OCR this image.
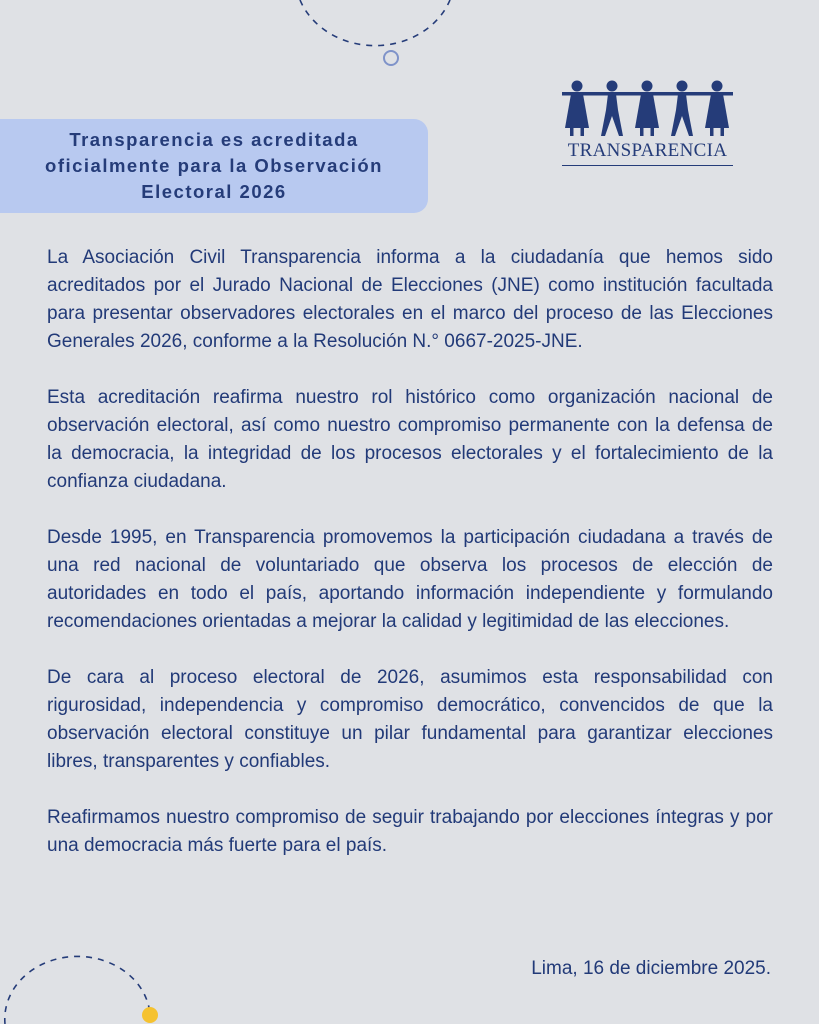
Transparencia es acreditada
oficialmente para la Observación
Electoral 2026
TRANSPARENCIA

La Asociación Civil Transparencia informa a la ciudadanía que hemos sido acreditados por el Jurado Nacional de Elecciones (JNE) como institución facultada para presentar observadores electorales en el marco del proceso de las Elecciones Generales 2026, conforme a la Resolución N.° 0667-2025-JNE.

Esta acreditación reafirma nuestro rol histórico como organización nacional de observación electoral, así como nuestro compromiso permanente con la defensa de la democracia, la integridad de los procesos electorales y el fortalecimiento de la confianza ciudadana.

Desde 1995, en Transparencia promovemos la participación ciudadana a través de una red nacional de voluntariado que observa los procesos de elección de autoridades en todo el país, aportando información independiente y formulando recomendaciones orientadas a mejorar la calidad y legitimidad de las elecciones.

De cara al proceso electoral de 2026, asumimos esta responsabilidad con rigurosidad, independencia y compromiso democrático, convencidos de que la observación electoral constituye un pilar fundamental para garantizar elecciones libres, transparentes y confiables.

Reafirmamos nuestro compromiso de seguir trabajando por elecciones íntegras y por una democracia más fuerte para el país.

Lima, 16 de diciembre 2025.
